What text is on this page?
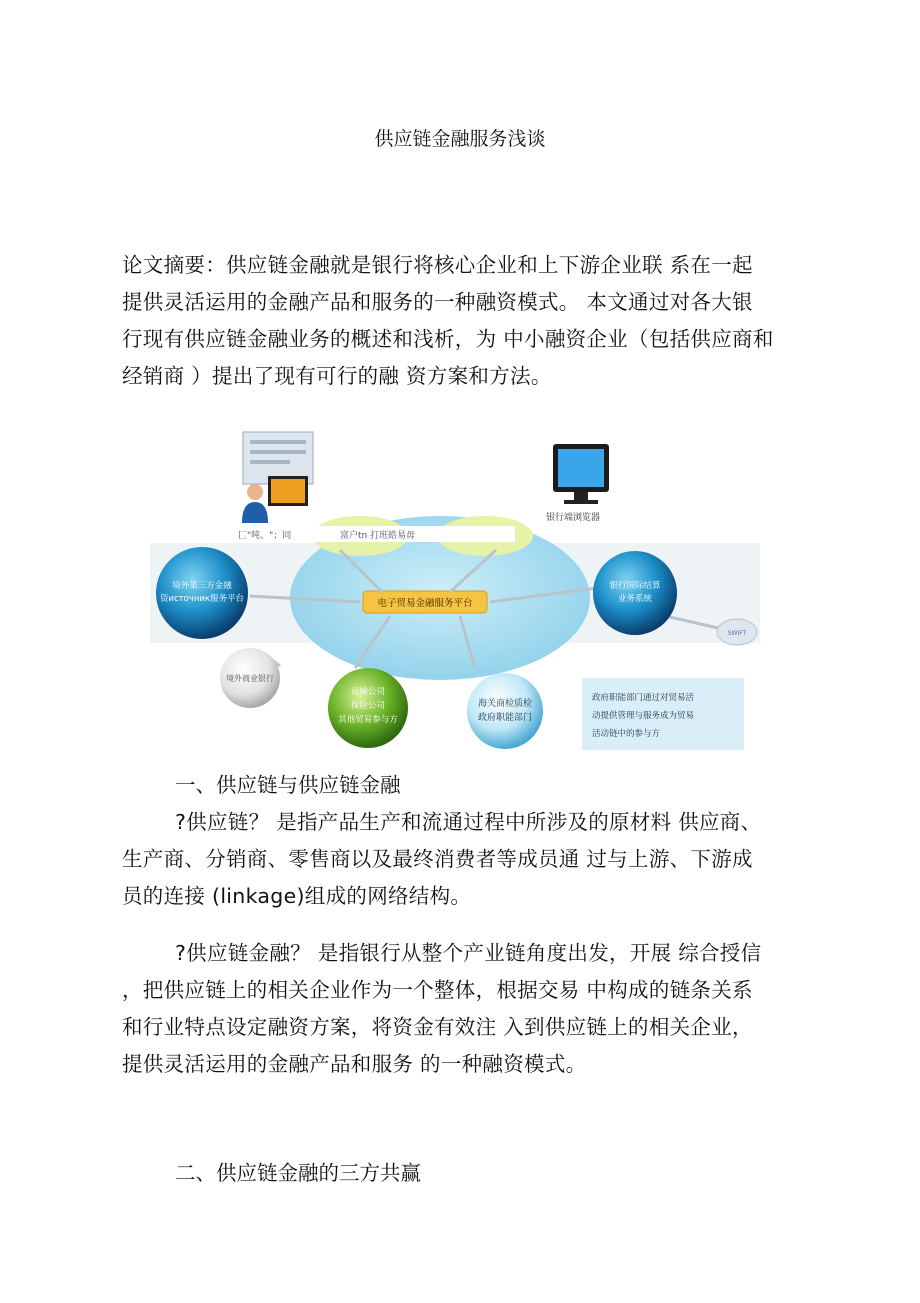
供应链金融服务浅谈
论文摘要：供应链金融就是银行将核心企业和上下游企业联 系在一起
提供灵活运用的金融产品和服务的一种融资模式。 本文通过对各大银
行现有供应链金融业务的概述和浅析，为 中小融资企业（包括供应商和
经销商 ）提出了现有可行的融 资方案和方法。
电子贸易金融服务平台
匚"吨、"；同	富户tn 打班皓易毋
银行端浏览器
境外第三方金融
资источник服务平台
银行国际结算
业务系统
SWIFT
境外商业银行
运输公司
保险公司
其他贸易参与方
海关商检质检
政府职能部门
政府职能部门通过对贸易活
动提供管理与服务成为贸易
活动链中的参与方
一、供应链与供应链金融
?供应链？ 是指产品生产和流通过程中所涉及的原材料 供应商、
生产商、分销商、零售商以及最终消费者等成员通 过与上游、下游成
员的连接 (linkage)组成的网络结构。
?供应链金融？ 是指银行从整个产业链角度出发，开展 综合授信
，把供应链上的相关企业作为一个整体，根据交易 中构成的链条关系
和行业特点设定融资方案，将资金有效注 入到供应链上的相关企业，
提供灵活运用的金融产品和服务 的一种融资模式。
二、供应链金融的三方共赢
